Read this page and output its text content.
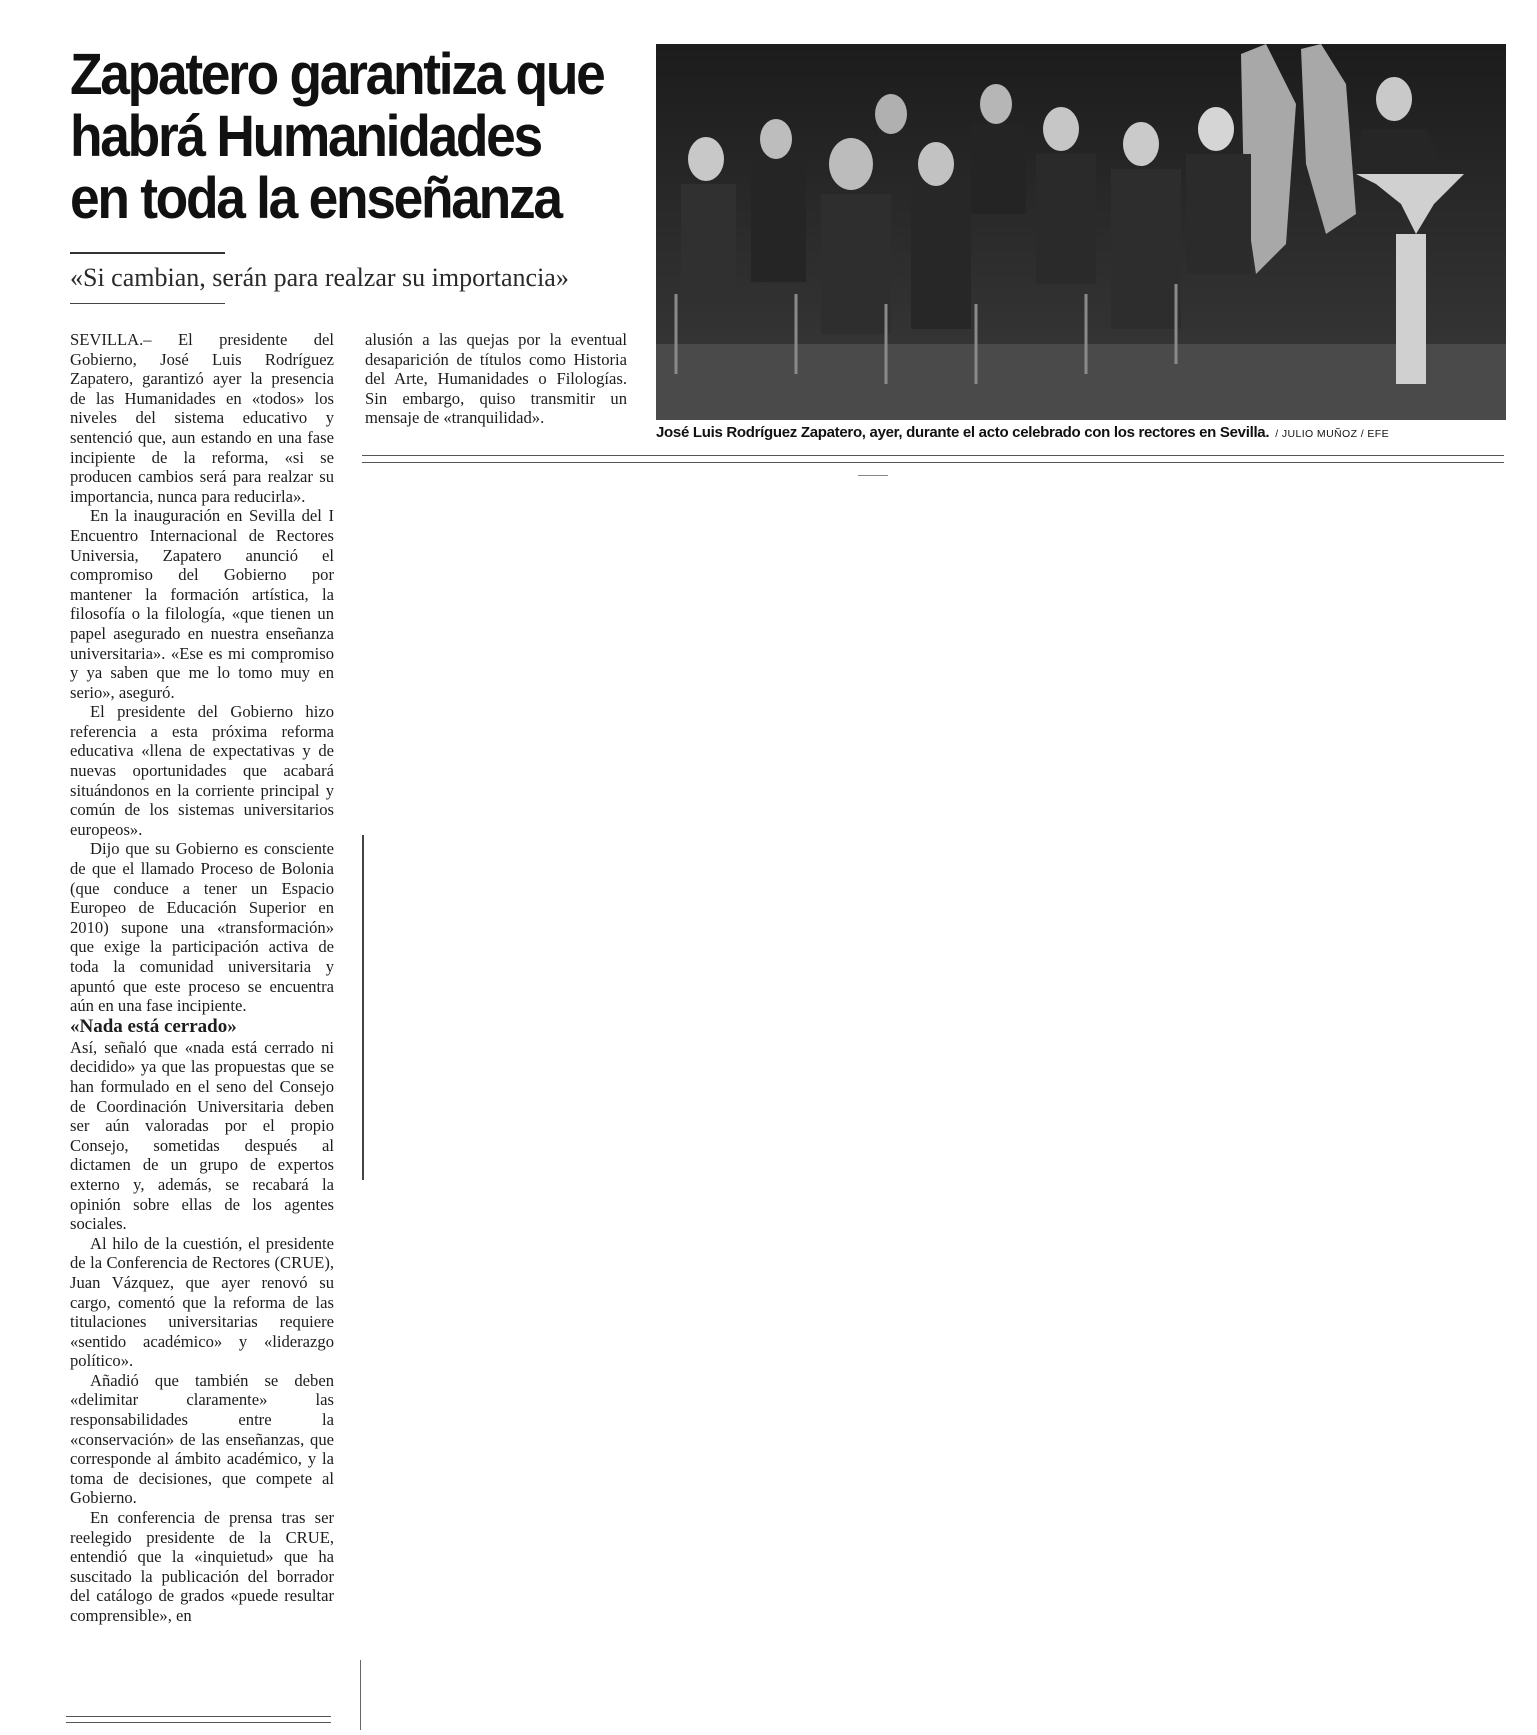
Zapatero garantiza que
habrá Humanidades
en toda la enseñanza
«Si cambian, serán para realzar su importancia»

SEVILLA.– El presidente del Gobierno, José Luis Rodríguez Zapatero, garantizó ayer la presencia de las Humanidades en «todos» los niveles del sistema educativo y sentenció que, aun estando en una fase incipiente de la reforma, «si se producen cambios será para realzar su importancia, nunca para reducirla».

En la inauguración en Sevilla del I Encuentro Internacional de Rectores Universia, Zapatero anunció el compromiso del Gobierno por mantener la formación artística, la filosofía o la filología, «que tienen un papel asegurado en nuestra enseñanza universitaria». «Ese es mi compromiso y ya saben que me lo tomo muy en serio», aseguró.

El presidente del Gobierno hizo referencia a esta próxima reforma educativa «llena de expectativas y de nuevas oportunidades que acabará situándonos en la corriente principal y común de los sistemas universitarios europeos».

Dijo que su Gobierno es consciente de que el llamado Proceso de Bolonia (que conduce a tener un Espacio Europeo de Educación Superior en 2010) supone una «transformación» que exige la participación activa de toda la comunidad universitaria y apuntó que este proceso se encuentra aún en una fase incipiente.

«Nada está cerrado»

Así, señaló que «nada está cerrado ni decidido» ya que las propuestas que se han formulado en el seno del Consejo de Coordinación Universitaria deben ser aún valoradas por el propio Consejo, sometidas después al dictamen de un grupo de expertos externo y, además, se recabará la opinión sobre ellas de los agentes sociales.

Al hilo de la cuestión, el presidente de la Conferencia de Rectores (CRUE), Juan Vázquez, que ayer renovó su cargo, comentó que la reforma de las titulaciones universitarias requiere «sentido académico» y «liderazgo político».

Añadió que también se deben «delimitar claramente» las responsabilidades entre la «conservación» de las enseñanzas, que corresponde al ámbito académico, y la toma de decisiones, que compete al Gobierno.

En conferencia de prensa tras ser reelegido presidente de la CRUE, entendió que la «inquietud» que ha suscitado la publicación del borrador del catálogo de grados «puede resultar comprensible», en

alusión a las quejas por la eventual desaparición de títulos como Historia del Arte, Humanidades o Filologías. Sin embargo, quiso transmitir un mensaje de «tranquilidad».

José Luis Rodríguez Zapatero, ayer, durante el acto celebrado con los rectores en Sevilla. / JULIO MUÑOZ / EFE
